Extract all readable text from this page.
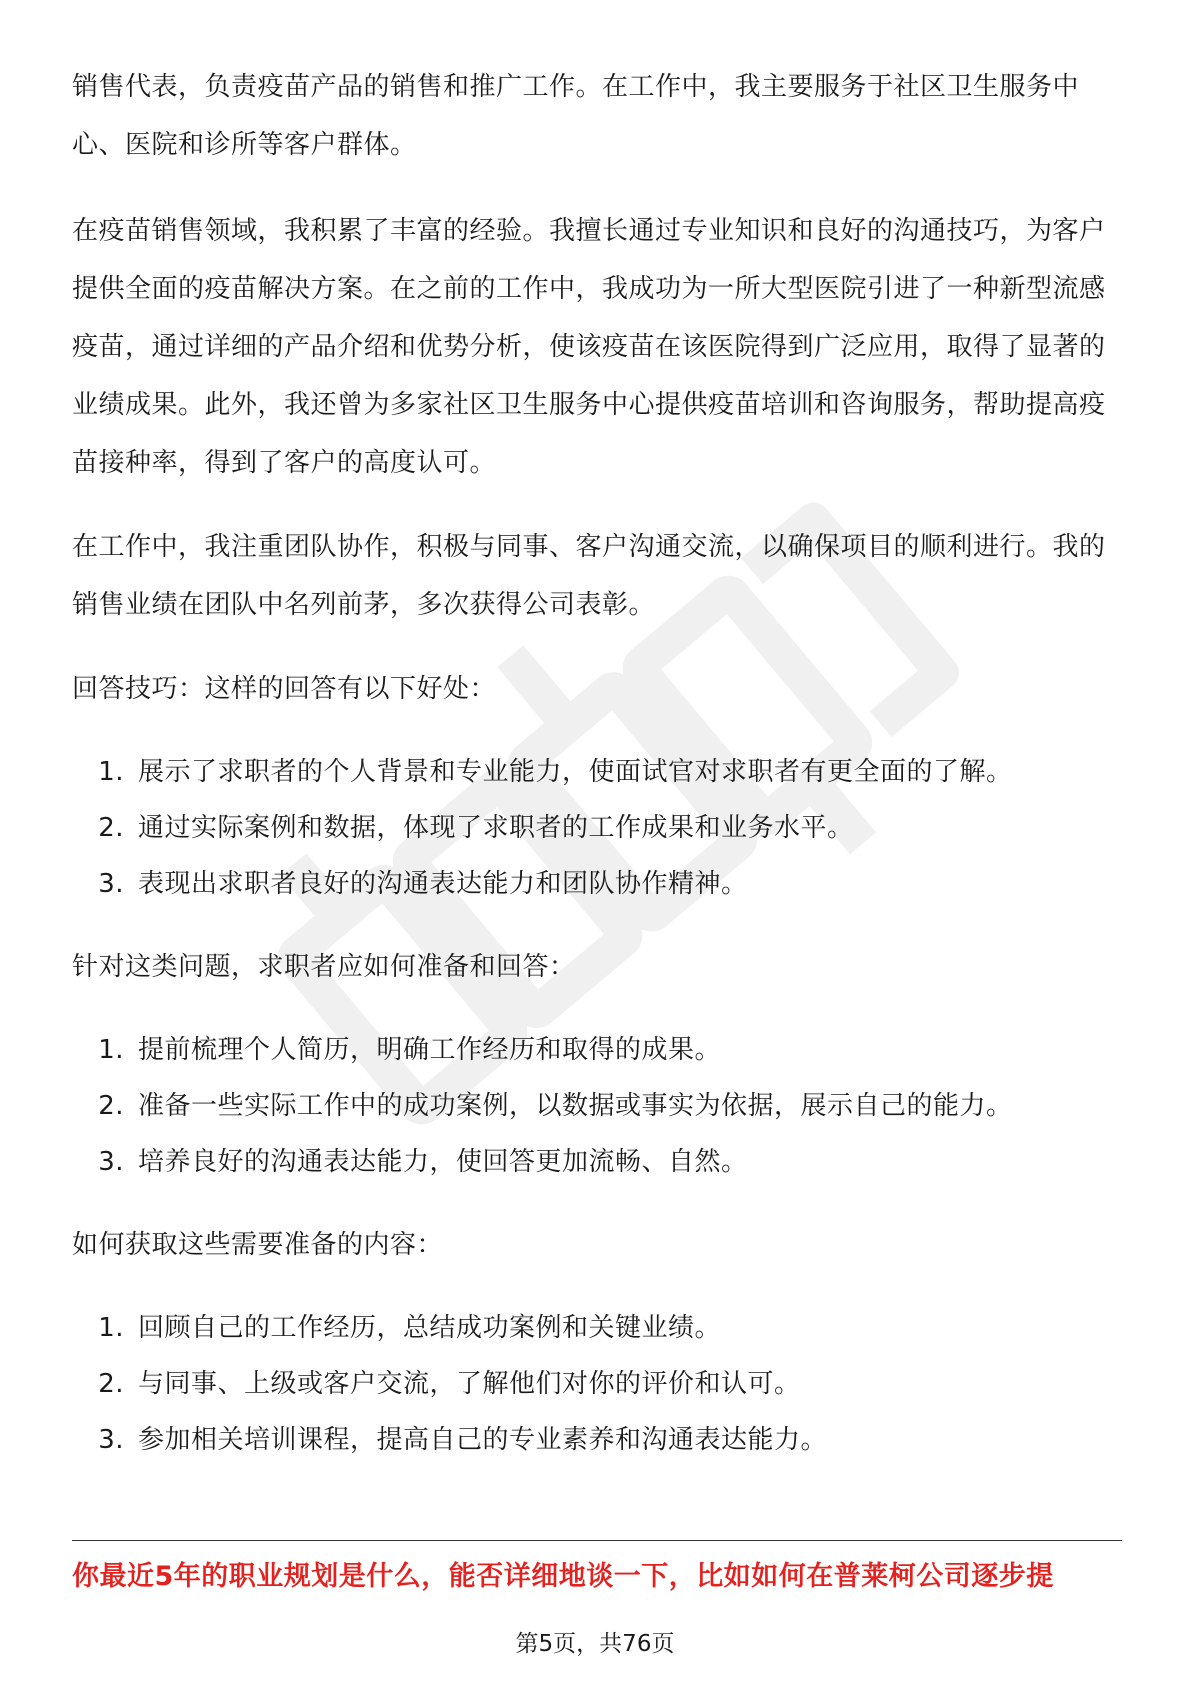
销售代表，负责疫苗产品的销售和推广工作。在工作中，我主要服务于社区卫生服务中心、医院和诊所等客户群体。

在疫苗销售领域，我积累了丰富的经验。我擅长通过专业知识和良好的沟通技巧，为客户提供全面的疫苗解决方案。在之前的工作中，我成功为一所大型医院引进了一种新型流感疫苗，通过详细的产品介绍和优势分析，使该疫苗在该医院得到广泛应用，取得了显著的业绩成果。此外，我还曾为多家社区卫生服务中心提供疫苗培训和咨询服务，帮助提高疫苗接种率，得到了客户的高度认可。

在工作中，我注重团队协作，积极与同事、客户沟通交流，以确保项目的顺利进行。我的销售业绩在团队中名列前茅，多次获得公司表彰。

回答技巧：这样的回答有以下好处：

1. 展示了求职者的个人背景和专业能力，使面试官对求职者有更全面的了解。
2. 通过实际案例和数据，体现了求职者的工作成果和业务水平。
3. 表现出求职者良好的沟通表达能力和团队协作精神。

针对这类问题，求职者应如何准备和回答：

1. 提前梳理个人简历，明确工作经历和取得的成果。
2. 准备一些实际工作中的成功案例，以数据或事实为依据，展示自己的能力。
3. 培养良好的沟通表达能力，使回答更加流畅、自然。

如何获取这些需要准备的内容：

1. 回顾自己的工作经历，总结成功案例和关键业绩。
2. 与同事、上级或客户交流，了解他们对你的评价和认可。
3. 参加相关培训课程，提高自己的专业素养和沟通表达能力。
你最近5年的职业规划是什么，能否详细地谈一下，比如如何在普莱柯公司逐步提
第5页，共76页
